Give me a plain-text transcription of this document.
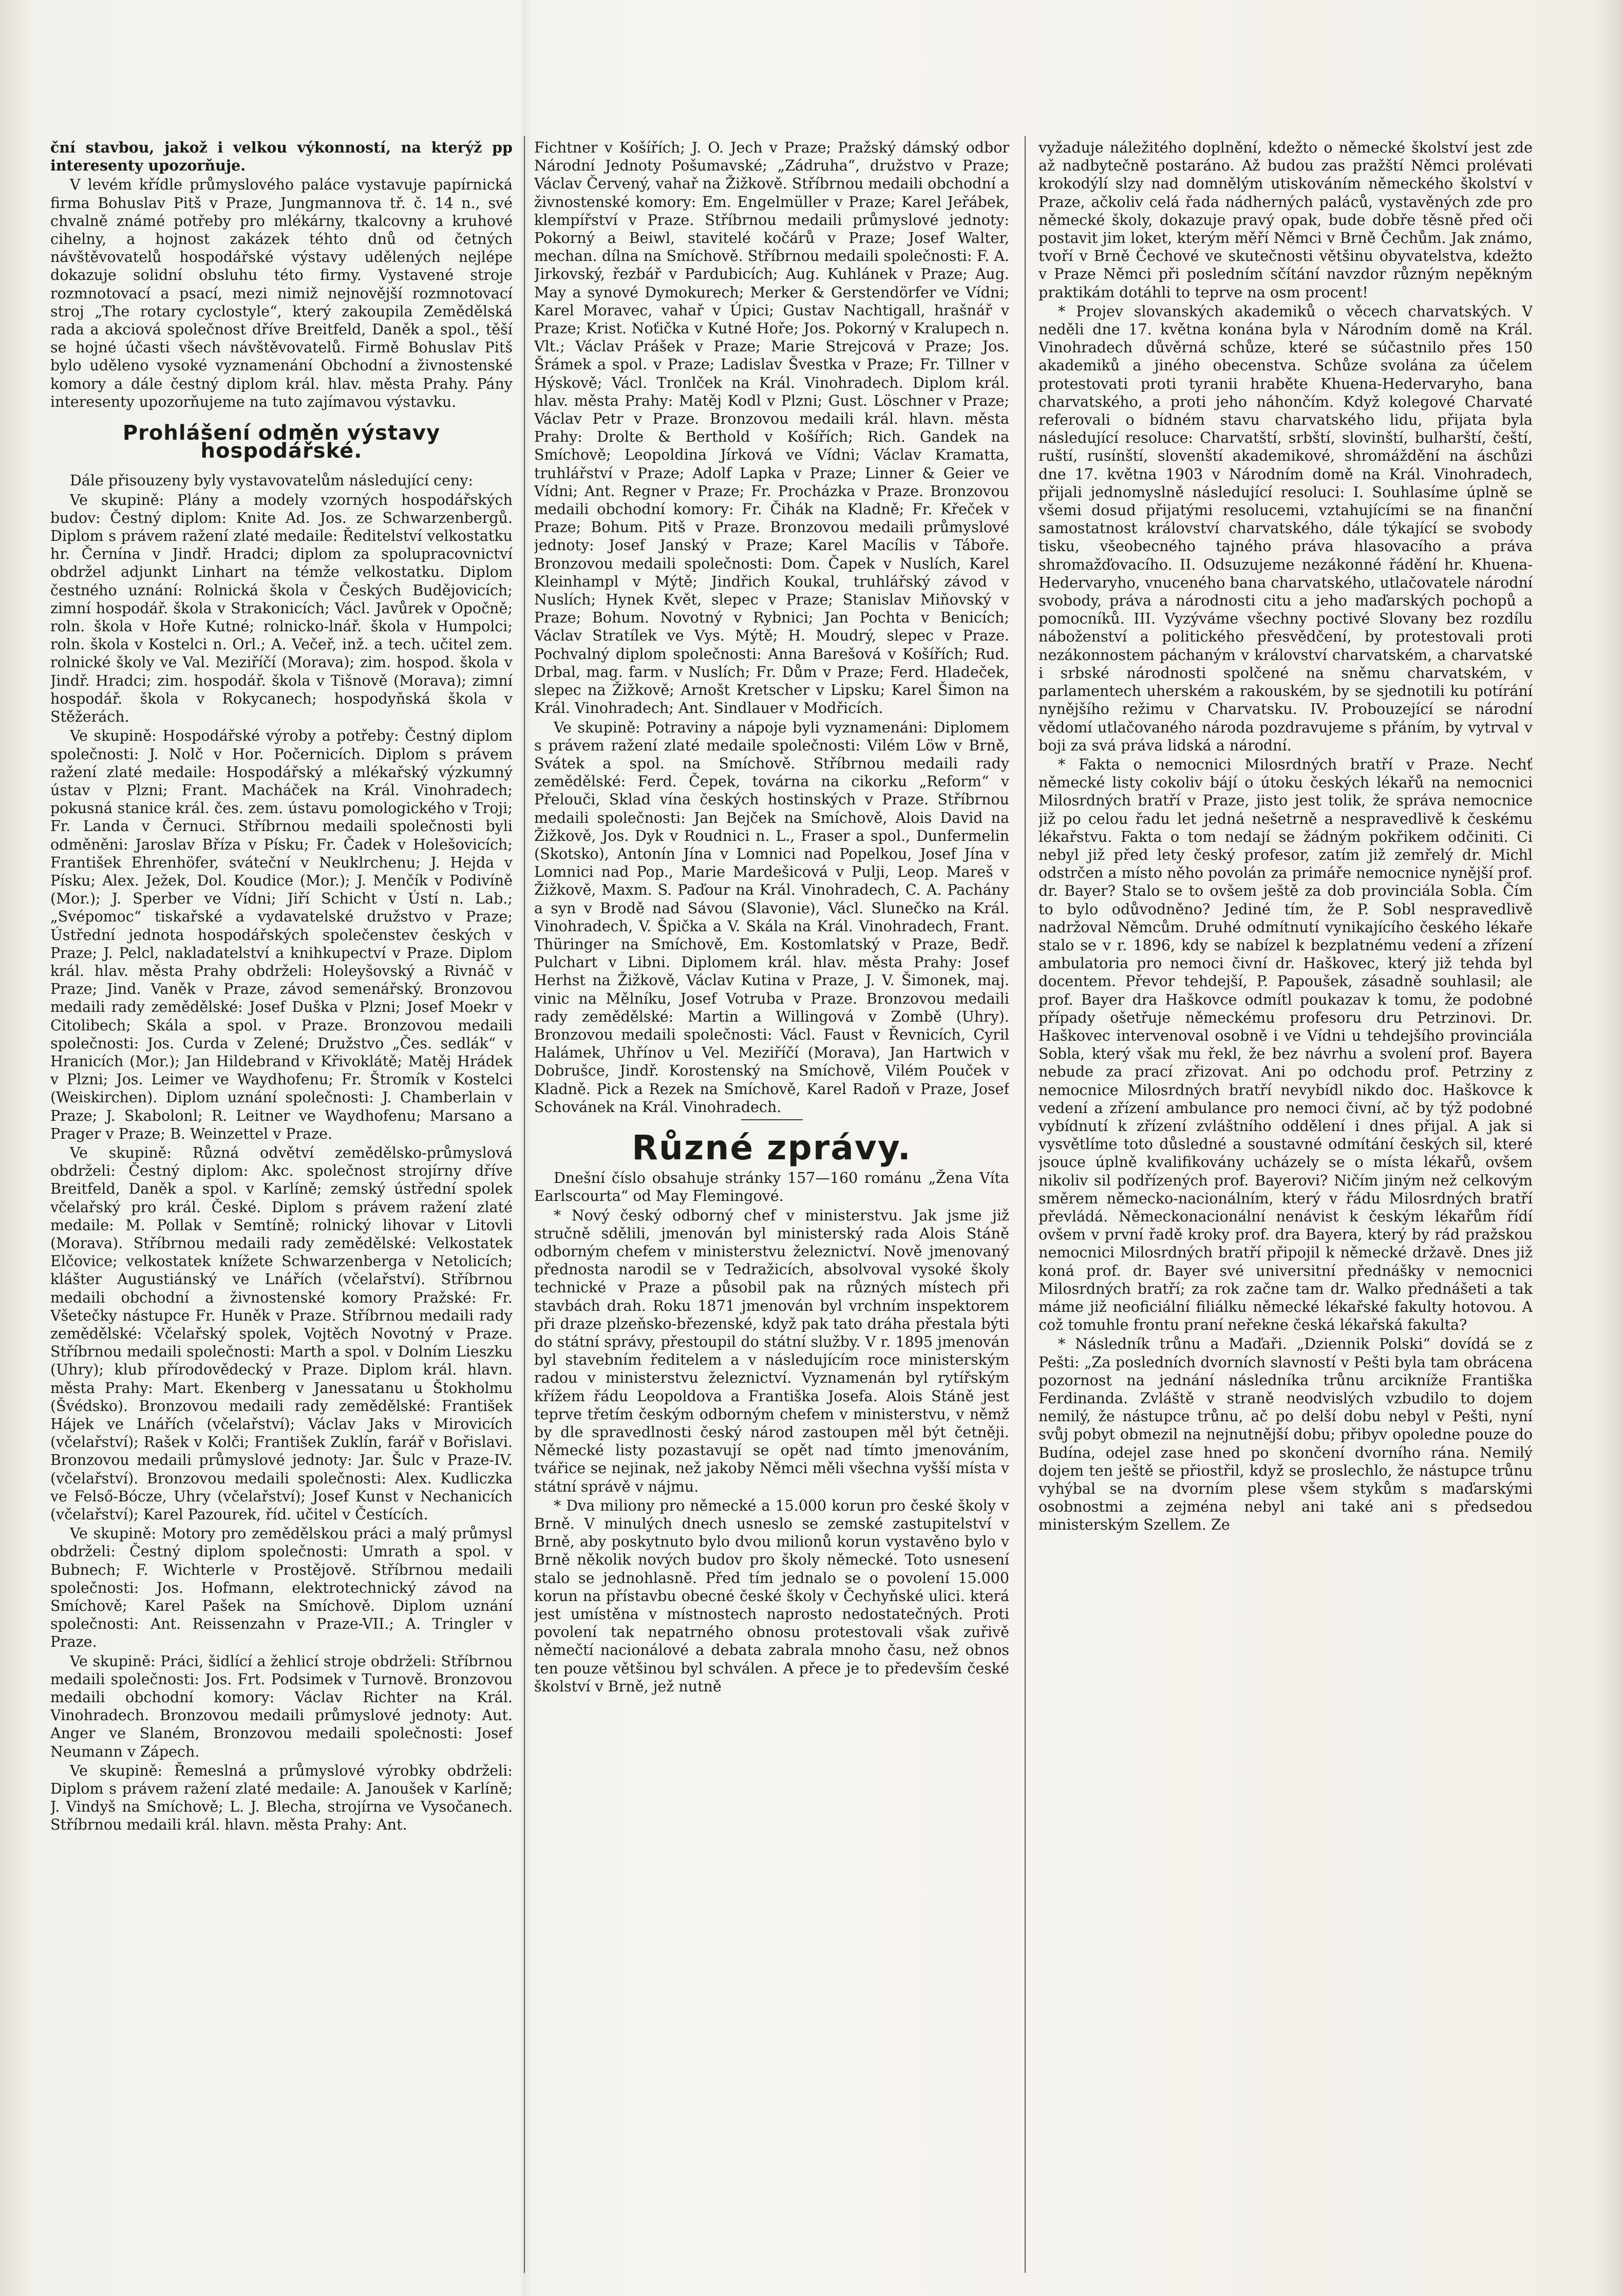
ční stavbou, jakož i velkou výkonností, na kterýž pp interesenty upozorňuje.

V levém křídle průmyslového paláce vystavuje papírnická firma Bohuslav Pitš v Praze, Jungmannova tř. č. 14 n., své chvalně známé potřeby pro mlékárny, tkalcovny a kruhové cihelny, a hojnost zakázek téhto dnů od četných návštěvovatelů hospodářské výstavy udělených nejlépe dokazuje solidní obsluhu této firmy. Vystavené stroje rozmnotovací a psací, mezi nimiž nejnovější rozmnotovací stroj „The rotary cyclostyle“, který zakoupila Zemědělská rada a akciová společnost dříve Breitfeld, Daněk a spol., těší se hojné účasti všech návštěvovatelů. Firmě Bohuslav Pitš bylo uděleno vysoké vyznamenání Obchodní a živnostenské komory a dále čestný diplom král. hlav. města Prahy. Pány interesenty upozorňujeme na tuto zajímavou výstavku.

Prohlášení odměn výstavy hospodářské.

Dále přisouzeny byly vystavovatelům následující ceny:

Ve skupině: Plány a modely vzorných hospodářských budov: Čestný diplom: Knite Ad. Jos. ze Schwarzenbergů. Diplom s právem ražení zlaté medaile: Ředitelství velkostatku hr. Černína v Jindř. Hradci; diplom za spolupracovnictví obdržel adjunkt Linhart na témže velkostatku. Diplom čestného uznání: Rolnická škola v Českých Budějovicích; zimní hospodář. škola v Strakonicích; Václ. Javůrek v Opočně; roln. škola v Hoře Kutné; rolnicko-lnář. škola v Humpolci; roln. škola v Kostelci n. Orl.; A. Večeř, inž. a tech. učitel zem. rolnické školy ve Val. Meziříčí (Morava); zim. hospod. škola v Jindř. Hradci; zim. hospodář. škola v Tišnově (Morava); zimní hospodář. škola v Rokycanech; hospodyňská škola v Stěžerách.

Ve skupině: Hospodářské výroby a potřeby: Čestný diplom společnosti: J. Nolč v Hor. Počernicích. Diplom s právem ražení zlaté medaile: Hospodářský a mlékařský výzkumný ústav v Plzni; Frant. Macháček na Král. Vinohradech; pokusná stanice král. čes. zem. ústavu pomologického v Troji; Fr. Landa v Černuci. Stříbrnou medaili společnosti byli odměněni: Jaroslav Bříza v Písku; Fr. Čadek v Holešovicích; František Ehrenhöfer, sváteční v Neuklrchenu; J. Hejda v Písku; Alex. Ježek, Dol. Koudice (Mor.); J. Menčík v Podivíně (Mor.); J. Sperber ve Vídni; Jiří Schicht v Ústí n. Lab.; „Svépomoc“ tiskařské a vydavatelské družstvo v Praze; Ústřední jednota hospodářských společenstev českých v Praze; J. Pelcl, nakladatelství a knihkupectví v Praze. Diplom král. hlav. města Prahy obdrželi: Holeyšovský a Rivnáč v Praze; Jind. Vaněk v Praze, závod semenářský. Bronzovou medaili rady zemědělské: Josef Duška v Plzni; Josef Moekr v Citolibech; Skála a spol. v Praze. Bronzovou medaili společnosti: Jos. Curda v Zelené; Družstvo „Čes. sedlák“ v Hranicích (Mor.); Jan Hildebrand v Křivoklátě; Matěj Hrádek v Plzni; Jos. Leimer ve Waydhofenu; Fr. Štromík v Kostelci (Weiskirchen). Diplom uznání společnosti: J. Chamberlain v Praze; J. Skabolonl; R. Leitner ve Waydhofenu; Marsano a Prager v Praze; B. Weinzettel v Praze.

Ve skupině: Různá odvětví zemědělsko-průmyslová obdrželi: Čestný diplom: Akc. společnost strojírny dříve Breitfeld, Daněk a spol. v Karlíně; zemský ústřední spolek včelařský pro král. České. Diplom s právem ražení zlaté medaile: M. Pollak v Semtíně; rolnický lihovar v Litovli (Morava). Stříbrnou medaili rady zemědělské: Velkostatek Elčovice; velkostatek knížete Schwarzenberga v Netolicích; klášter Augustiánský ve Lnářích (včelařství). Stříbrnou medaili obchodní a živnostenské komory Pražské: Fr. Všetečky nástupce Fr. Huněk v Praze. Stříbrnou medaili rady zemědělské: Včelařský spolek, Vojtěch Novotný v Praze. Stříbrnou medaili společnosti: Marth a spol. v Dolním Lieszku (Uhry); klub přírodovědecký v Praze. Diplom král. hlavn. města Prahy: Mart. Ekenberg v Janessatanu u Štokholmu (Švédsko). Bronzovou medaili rady zemědělské: František Hájek ve Lnářích (včelařství); Václav Jaks v Mirovicích (včelařství); Rašek v Kolči; František Zuklín, farář v Bořislavi. Bronzovou medaili průmyslové jednoty: Jar. Šulc v Praze-IV. (včelařství). Bronzovou medaili společnosti: Alex. Kudliczka ve Felső-Bócze, Uhry (včelařství); Josef Kunst v Nechanicích (včelařství); Karel Pazourek, říd. učitel v Čestících.

Ve skupině: Motory pro zemědělskou práci a malý průmysl obdrželi: Čestný diplom společnosti: Umrath a spol. v Bubnech; F. Wichterle v Prostějově. Stříbrnou medaili společnosti: Jos. Hofmann, elektrotechnický závod na Smíchově; Karel Pašek na Smíchově. Diplom uznání společnosti: Ant. Reissenzahn v Praze-VII.; A. Tringler v Praze.

Ve skupině: Práci, šidlící a žehlicí stroje obdrželi: Stříbrnou medaili společnosti: Jos. Frt. Podsimek v Turnově. Bronzovou medaili obchodní komory: Václav Richter na Král. Vinohradech. Bronzovou medaili průmyslové jednoty: Aut. Anger ve Slaném, Bronzovou medaili společnosti: Josef Neumann v Zápech.

Ve skupině: Řemeslná a průmyslové výrobky obdrželi: Diplom s právem ražení zlaté medaile: A. Janoušek v Karlíně; J. Vindyš na Smíchově; L. J. Blecha, strojírna ve Vysočanech. Stříbrnou medaili král. hlavn. města Prahy: Ant.

Fichtner v Košířích; J. O. Jech v Praze; Pražský dámský odbor Národní Jednoty Pošumavské; „Zádruha“, družstvo v Praze; Václav Červený, vahař na Žižkově. Stříbrnou medaili obchodní a živnostenské komory: Em. Engelmüller v Praze; Karel Jeřábek, klempířství v Praze. Stříbrnou medaili průmyslové jednoty: Pokorný a Beiwl, stavitelé kočárů v Praze; Josef Walter, mechan. dílna na Smíchově. Stříbrnou medaili společnosti: F. A. Jirkovský, řezbář v Pardubicích; Aug. Kuhlánek v Praze; Aug. May a synové Dymokurech; Merker & Gerstendörfer ve Vídni; Karel Moravec, vahař v Úpici; Gustav Nachtigall, hrašnář v Praze; Krist. Noťička v Kutné Hoře; Jos. Pokorný v Kralupech n. Vlt.; Václav Prášek v Praze; Marie Strejcová v Praze; Jos. Šrámek a spol. v Praze; Ladislav Švestka v Praze; Fr. Tillner v Hýskově; Václ. Tronlček na Král. Vinohradech. Diplom král. hlav. města Prahy: Matěj Kodl v Plzni; Gust. Löschner v Praze; Václav Petr v Praze. Bronzovou medaili král. hlavn. města Prahy: Drolte & Berthold v Košířích; Rich. Gandek na Smíchově; Leopoldina Jírková ve Vídni; Václav Kramatta, truhlářství v Praze; Adolf Lapka v Praze; Linner & Geier ve Vídni; Ant. Regner v Praze; Fr. Procházka v Praze. Bronzovou medaili obchodní komory: Fr. Čihák na Kladně; Fr. Křeček v Praze; Bohum. Pitš v Praze. Bronzovou medaili průmyslové jednoty: Josef Janský v Praze; Karel Macílis v Táboře. Bronzovou medaili společnosti: Dom. Čapek v Nuslích, Karel Kleinhampl v Mýtě; Jindřich Koukal, truhlářský závod v Nuslích; Hynek Květ, slepec v Praze; Stanislav Miňovský v Praze; Bohum. Novotný v Rybnici; Jan Pochta v Benicích; Václav Stratílek ve Vys. Mýtě; H. Moudrý, slepec v Praze. Pochvalný diplom společnosti: Anna Barešová v Košířích; Rud. Drbal, mag. farm. v Nuslích; Fr. Dům v Praze; Ferd. Hladeček, slepec na Žižkově; Arnošt Kretscher v Lipsku; Karel Šimon na Král. Vinohradech; Ant. Sindlauer v Modřicích.

Ve skupině: Potraviny a nápoje byli vyznamenáni: Diplomem s právem ražení zlaté medaile společnosti: Vilém Löw v Brně, Svátek a spol. na Smíchově. Stříbrnou medaili rady zemědělské: Ferd. Čepek, továrna na cikorku „Reform“ v Přelouči, Sklad vína českých hostinských v Praze. Stříbrnou medaili společnosti: Jan Bejček na Smíchově, Alois David na Žižkově, Jos. Dyk v Roudnici n. L., Fraser a spol., Dunfermelin (Skotsko), Antonín Jína v Lomnici nad Popelkou, Josef Jína v Lomnici nad Pop., Marie Mardešicová v Pulji, Leop. Mareš v Žižkově, Maxm. S. Paďour na Král. Vinohradech, C. A. Pachány a syn v Brodě nad Sávou (Slavonie), Václ. Slunečko na Král. Vinohradech, V. Špička a V. Skála na Král. Vinohradech, Frant. Thüringer na Smíchově, Em. Kostomlatský v Praze, Bedř. Pulchart v Libni. Diplomem král. hlav. města Prahy: Josef Herhst na Žižkově, Václav Kutina v Praze, J. V. Šimonek, maj. vinic na Mělníku, Josef Votruba v Praze. Bronzovou medaili rady zemědělské: Martin a Willingová v Zombě (Uhry). Bronzovou medaili společnosti: Václ. Faust v Řevnicích, Cyril Halámek, Uhřínov u Vel. Meziříčí (Morava), Jan Hartwich v Dobrušce, Jindř. Korostenský na Smíchově, Vilém Pouček v Kladně. Pick a Rezek na Smíchově, Karel Radoň v Praze, Josef Schovánek na Král. Vinohradech.

Různé zprávy.

Dnešní číslo obsahuje stránky 157—160 románu „Žena Víta Earlscourta“ od May Flemingové.

* Nový český odborný chef v ministerstvu. Jak jsme již stručně sdělili, jmenován byl ministerský rada Alois Stáně odborným chefem v ministerstvu železnictví. Nově jmenovaný přednosta narodil se v Tedražicích, absolvoval vysoké školy technické v Praze a působil pak na různých místech při stavbách drah. Roku 1871 jmenován byl vrchním inspektorem při draze plzeňsko-březenské, když pak tato dráha přestala býti do státní správy, přestoupil do státní služby. V r. 1895 jmenován byl stavebním ředitelem a v následujícím roce ministerským radou v ministerstvu železnictví. Vyznamenán byl rytířským křížem řádu Leopoldova a Františka Josefa. Alois Stáně jest teprve třetím českým odborným chefem v ministerstvu, v němž by dle spravedlnosti český národ zastoupen měl být četněji. Německé listy pozastavují se opět nad tímto jmenováním, tvářice se nejinak, než jakoby Němci měli všechna vyšší místa v státní správě v nájmu.

* Dva miliony pro německé a 15.000 korun pro české školy v Brně. V minulých dnech usneslo se zemské zastupitelství v Brně, aby poskytnuto bylo dvou milionů korun vystavěno bylo v Brně několik nových budov pro školy německé. Toto usnesení stalo se jednohlasně. Před tím jednalo se o povolení 15.000 korun na přístavbu obecné české školy v Čechyňské ulici. která jest umístěna v místnostech naprosto nedostatečných. Proti povolení tak nepatrného obnosu protestovali však zuřivě němečtí nacionálové a debata zabrala mnoho času, než obnos ten pouze většinou byl schválen. A přece je to především české školství v Brně, jež nutně

vyžaduje náležitého doplnění, kdežto o německé školství jest zde až nadbytečně postaráno. Až budou zas pražští Němci prolévati krokodýlí slzy nad domnělým utiskováním německého školství v Praze, ačkoliv celá řada nádherných paláců, vystavěných zde pro německé školy, dokazuje pravý opak, bude dobře těsně před oči postavit jim loket, kterým měří Němci v Brně Čechům. Jak známo, tvoří v Brně Čechové ve skutečnosti většinu obyvatelstva, kdežto v Praze Němci při posledním sčítání navzdor různým nepěkným praktikám dotáhli to teprve na osm procent!

* Projev slovanských akademiků o věcech charvatských. V neděli dne 17. května konána byla v Národním domě na Král. Vinohradech důvěrná schůze, které se súčastnilo přes 150 akademiků a jiného obecenstva. Schůze svolána za účelem protestovati proti tyranii hraběte Khuena-Hedervaryho, bana charvatského, a proti jeho náhončím. Když kolegové Charvaté referovali o bídném stavu charvatského lidu, přijata byla následující resoluce: Charvatští, srbští, slovinští, bulharští, čeští, ruští, rusínští, slovenští akademikové, shromáždění na áschůzi dne 17. května 1903 v Národním domě na Král. Vinohradech, přijali jednomyslně následující resoluci: I. Souhlasíme úplně se všemi dosud přijatými resolucemi, vztahujícími se na finanční samostatnost království charvatského, dále týkající se svobody tisku, všeobecného tajného práva hlasovacího a práva shromažďovacího. II. Odsuzujeme nezákonné řádění hr. Khuena-Hedervaryho, vnuceného bana charvatského, utlačovatele národní svobody, práva a národnosti citu a jeho maďarských pochopů a pomocníků. III. Vyzýváme všechny poctivé Slovany bez rozdílu náboženství a politického přesvědčení, by protestovali proti nezákonnostem páchaným v království charvatském, a charvatské i srbské národnosti spolčené na sněmu charvatském, v parlamentech uherském a rakouském, by se sjednotili ku potírání nynějšího režimu v Charvatsku. IV. Probouzející se národní vědomí utlačovaného národa pozdravujeme s přáním, by vytrval v boji za svá práva lidská a národní.

* Fakta o nemocnici Milosrdných bratří v Praze. Nechť německé listy cokoliv bájí o útoku českých lékařů na nemocnici Milosrdných bratří v Praze, jisto jest tolik, že správa nemocnice již po celou řadu let jedná nešetrně a nespravedlivě k českému lékařstvu. Fakta o tom nedají se žádným pokřikem odčiniti. Ci nebyl již před lety český profesor, zatím již zemřelý dr. Michl odstrčen a místo něho povolán za primáře nemocnice nynější prof. dr. Bayer? Stalo se to ovšem ještě za dob provinciála Sobla. Čím to bylo odůvodněno? Jediné tím, že P. Sobl nespravedlivě nadržoval Němcům. Druhé odmítnutí vynikajícího českého lékaře stalo se v r. 1896, kdy se nabízel k bezplatnému vedení a zřízení ambulatoria pro nemoci čivní dr. Haškovec, který již tehda byl docentem. Převor tehdejší, P. Papoušek, zásadně souhlasil; ale prof. Bayer dra Haškovce odmítl poukazav k tomu, že podobné případy ošetřuje německému profesoru dru Petrzinovi. Dr. Haškovec intervenoval osobně i ve Vídni u tehdejšího provinciála Sobla, který však mu řekl, že bez návrhu a svolení prof. Bayera nebude za prací zřizovat. Ani po odchodu prof. Petrziny z nemocnice Milosrdných bratří nevybídl nikdo doc. Haškovce k vedení a zřízení ambulance pro nemoci čivní, ač by týž podobné vybídnutí k zřízení zvláštního oddělení i dnes přijal. A jak si vysvětlíme toto důsledné a soustavné odmítání českých sil, které jsouce úplně kvalifikovány ucházely se o místa lékařů, ovšem nikoliv sil podřízených prof. Bayerovi? Ničím jiným než celkovým směrem německo-nacionálním, který v řádu Milosrdných bratří převládá. Německonacionální nenávist k českým lékařům řídí ovšem v první řadě kroky prof. dra Bayera, který by rád pražskou nemocnici Milosrdných bratří připojil k německé državě. Dnes již koná prof. dr. Bayer své universitní přednášky v nemocnici Milosrdných bratří; za rok začne tam dr. Walko přednášeti a tak máme již neoficiální filiálku německé lékařské fakulty hotovou. A což tomuhle frontu praní neřekne česká lékařská fakulta?

* Následník trůnu a Maďaři. „Dziennik Polski“ dovídá se z Pešti: „Za posledních dvorních slavností v Pešti byla tam obrácena pozornost na jednání následníka trůnu arcikníže Františka Ferdinanda. Zvláště v straně neodvislých vzbudilo to dojem nemilý, že nástupce trůnu, ač po delší dobu nebyl v Pešti, nyní svůj pobyt obmezil na nejnutnější dobu; přibyv opoledne pouze do Budína, odejel zase hned po skončení dvorního rána. Nemilý dojem ten ještě se přiostřil, když se proslechlo, že nástupce trůnu vyhýbal se na dvorním plese všem stykům s maďarskými osobnostmi a zejména nebyl ani také ani s předsedou ministerským Szellem. Ze
